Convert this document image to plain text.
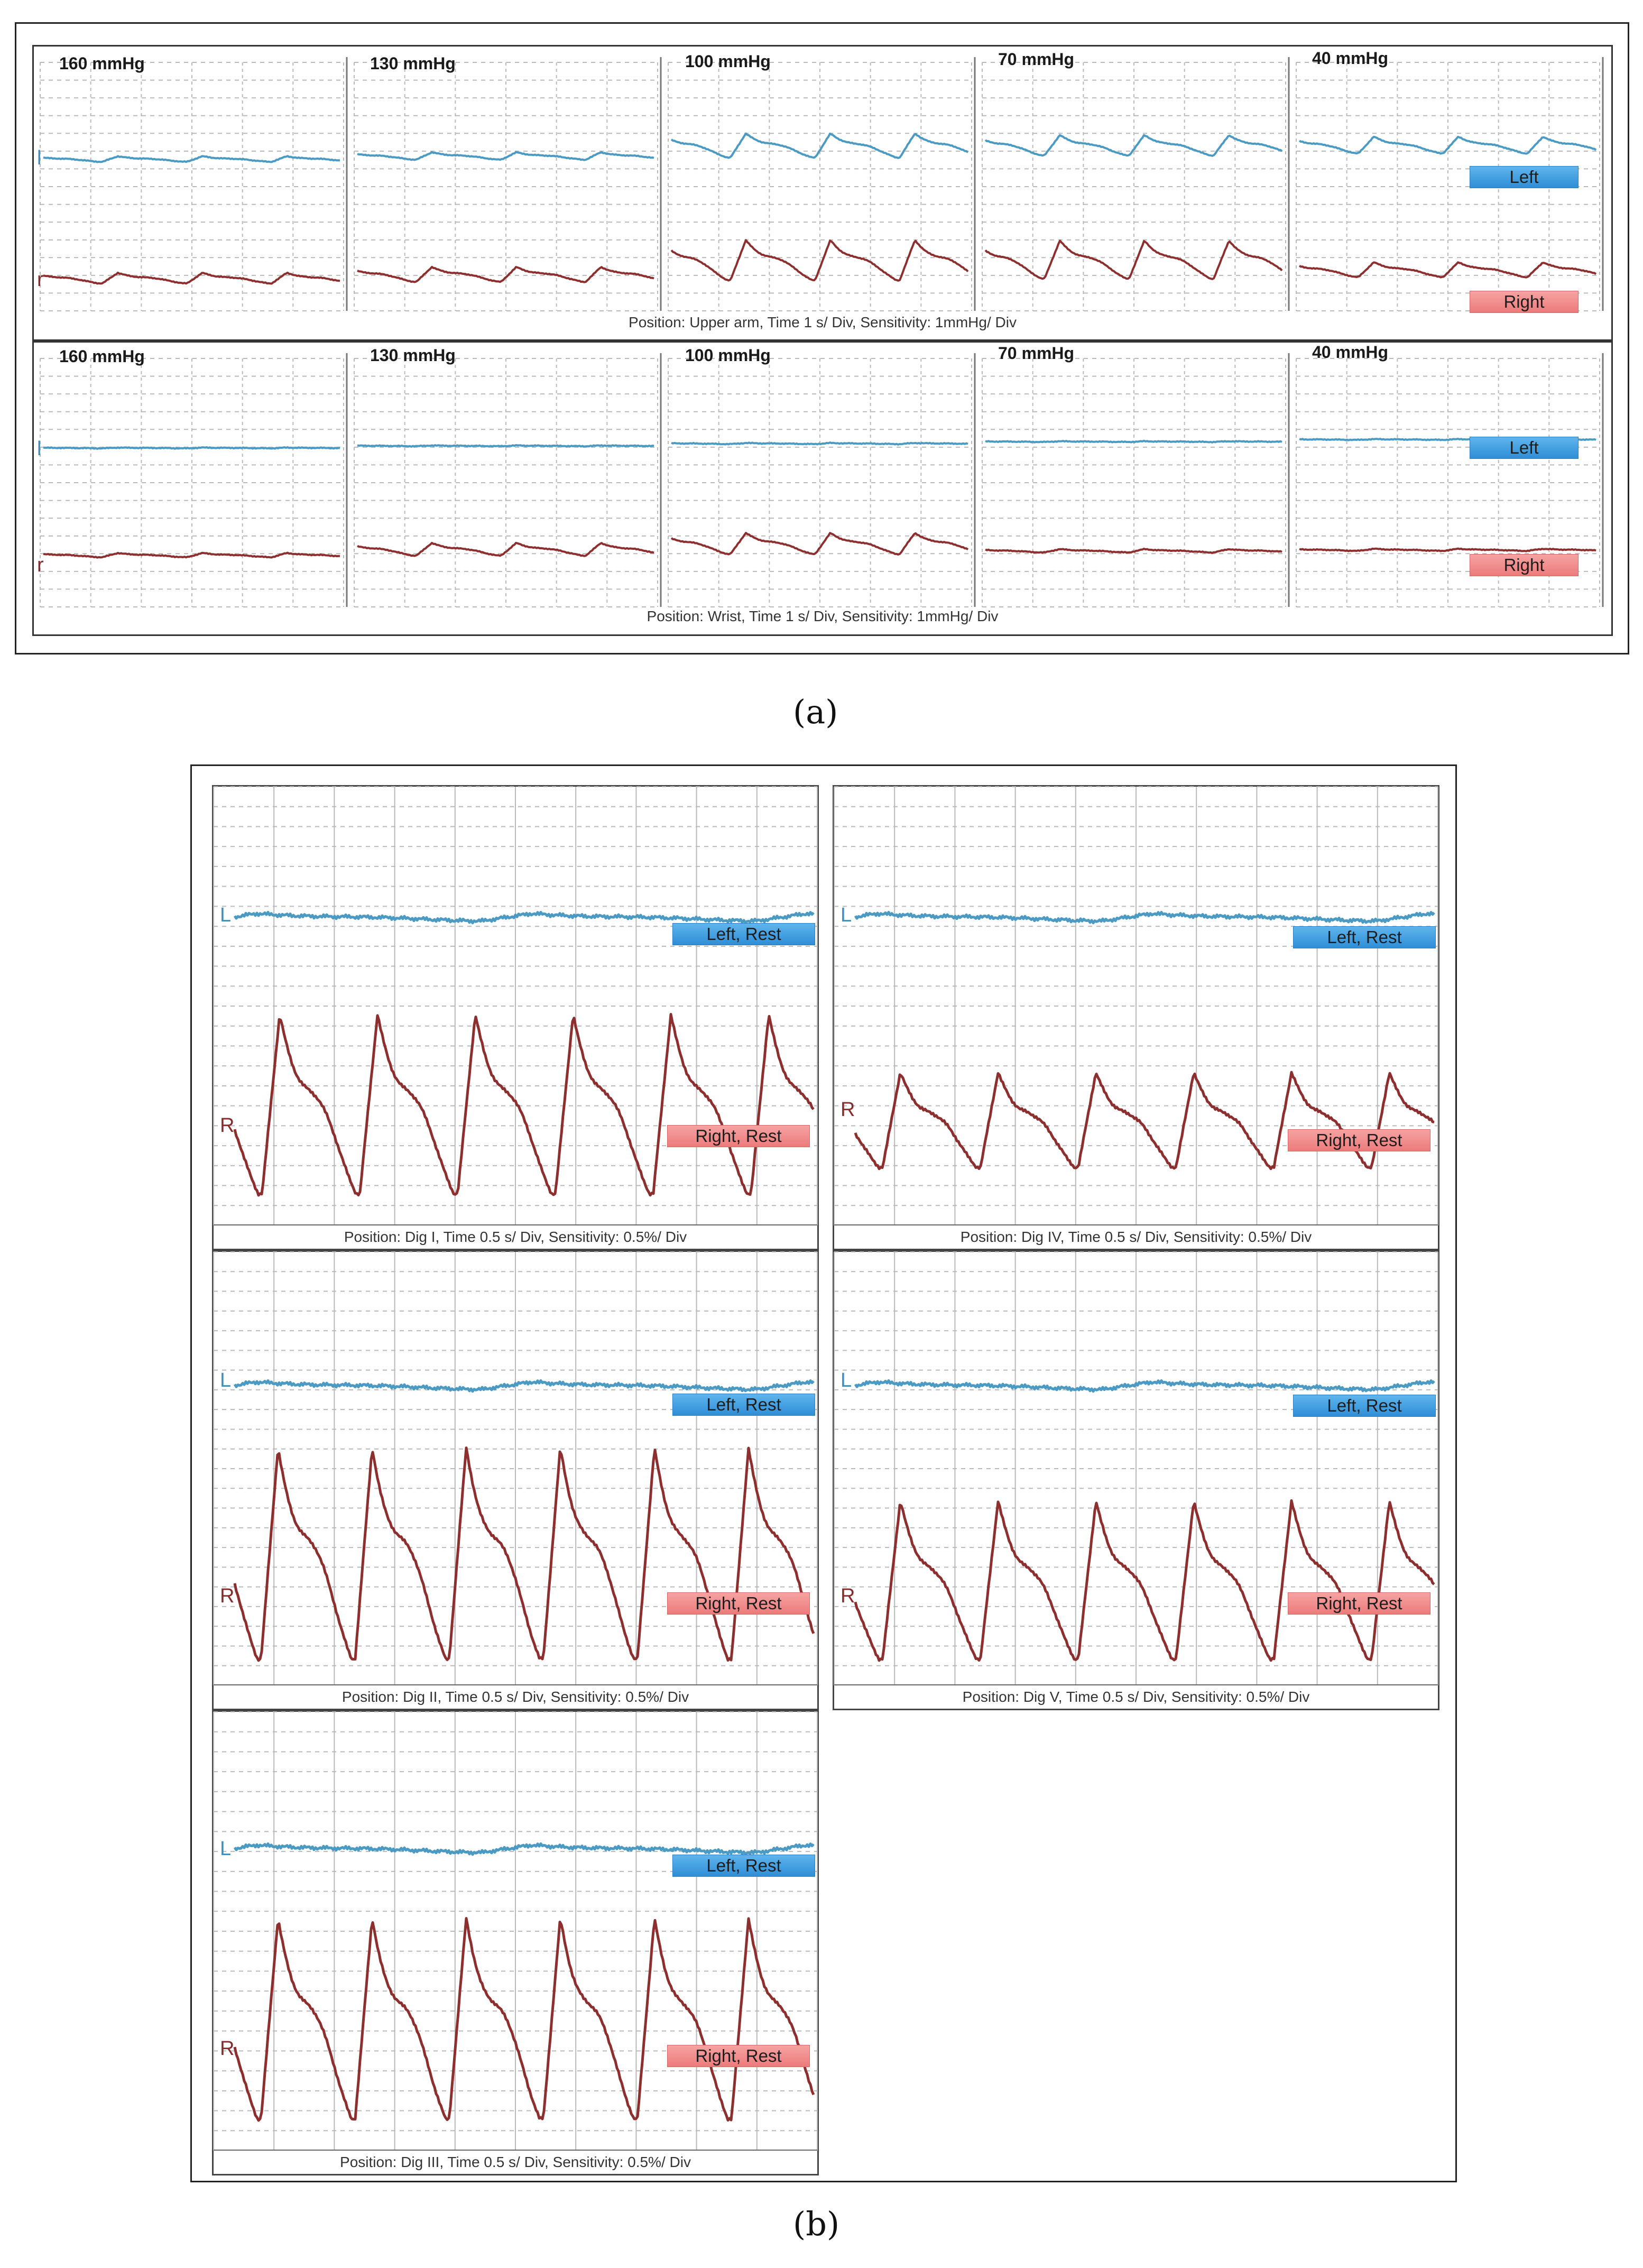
160 mmHg	130 mmHg	100 mmHg	70 mmHg	40 mmHg
l
r
Left
Right
Position: Upper arm, Time 1 s/ Div, Sensitivity: 1mmHg/ Div
160 mmHg	130 mmHg	100 mmHg	70 mmHg	40 mmHg
l
r
Left
Right
Position: Wrist, Time 1 s/ Div, Sensitivity: 1mmHg/ Div
(a)
L
R
Left, Rest
Right, Rest
Position: Dig I, Time 0.5 s/ Div, Sensitivity: 0.5%/ Div
L
R
Left, Rest
Right, Rest
Position: Dig II, Time 0.5 s/ Div, Sensitivity: 0.5%/ Div
L
R
Left, Rest
Right, Rest
Position: Dig III, Time 0.5 s/ Div, Sensitivity: 0.5%/ Div
L
R
Left, Rest
Right, Rest
Position: Dig IV, Time 0.5 s/ Div, Sensitivity: 0.5%/ Div
L
R
Left, Rest
Right, Rest
Position: Dig V, Time 0.5 s/ Div, Sensitivity: 0.5%/ Div
(b)
